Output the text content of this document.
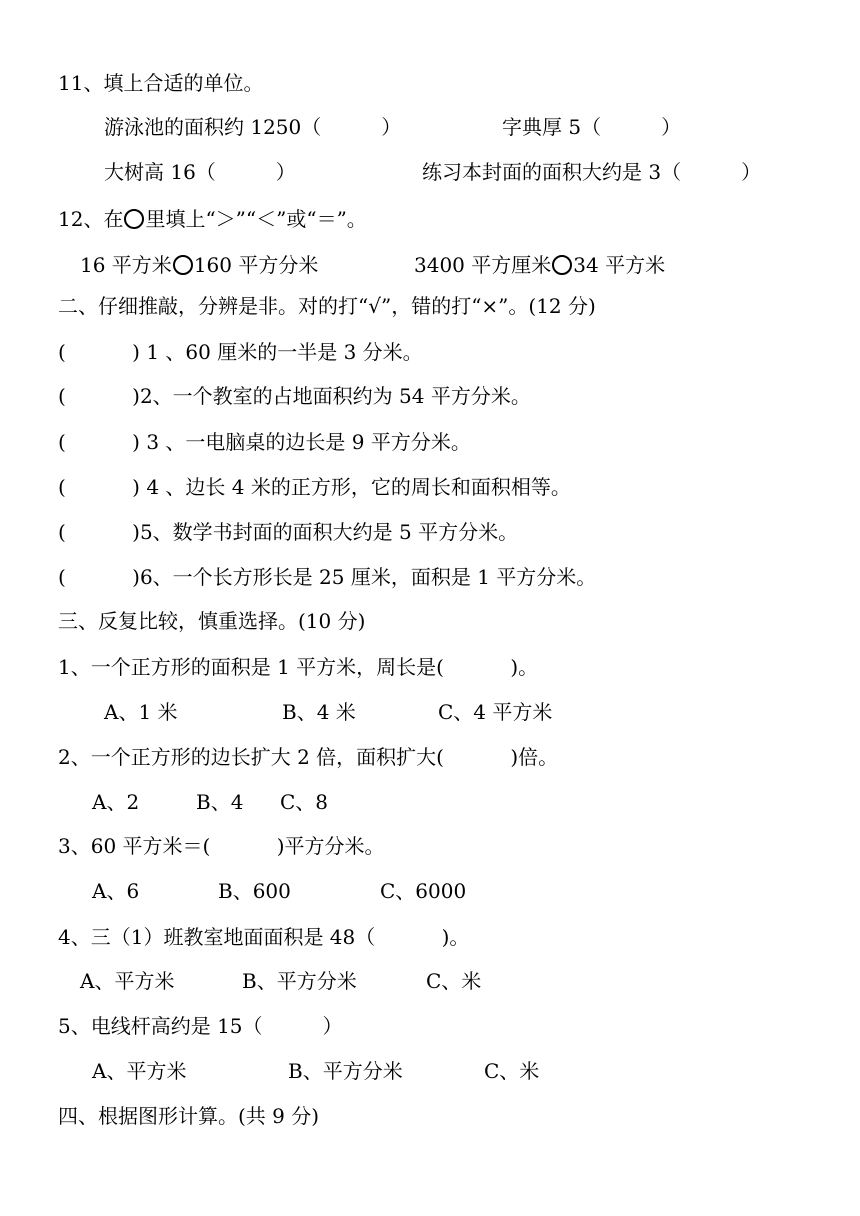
11、填上合适的单位。
游泳池的面积约 1250（　　　）	字典厚 5（　　　）
大树高 16（　　　）	练习本封面的面积大约是 3（　　　）
12、在 里填上“＞”“＜”或“＝”。
16 平方米 160 平方分米	3400 平方厘米 34 平方米
二、仔细推敲，分辨是非。对的打“√”，错的打“×”。(12 分)
(　　　 ) 1 、60 厘米的一半是 3 分米。
(　　　 )2、一个教室的占地面积约为 54 平方分米。
(　　　 ) 3 、一电脑桌的边长是 9 平方分米。
(　　　 ) 4 、边长 4 米的正方形，它的周长和面积相等。
(　　　 )5、数学书封面的面积大约是 5 平方分米。
(　　　 )6、一个长方形长是 25 厘米，面积是 1 平方分米。
三、反复比较，慎重选择。(10 分)
1、一个正方形的面积是 1 平方米，周长是(　　　 )。
A、1 米	B、4 米	C、4 平方米
2、一个正方形的边长扩大 2 倍，面积扩大(　　　 )倍。
A、2	B、4 C、8
3、60 平方米＝(　　　 )平方分米。
A、6	B、600	C、6000
4、三（1）班教室地面面积是 48（　　　 )。
A、平方米	B、平方分米	C、米
5、电线杆高约是 15（　　　）
A、平方米	B、平方分米	C、米
四、根据图形计算。(共 9 分)
